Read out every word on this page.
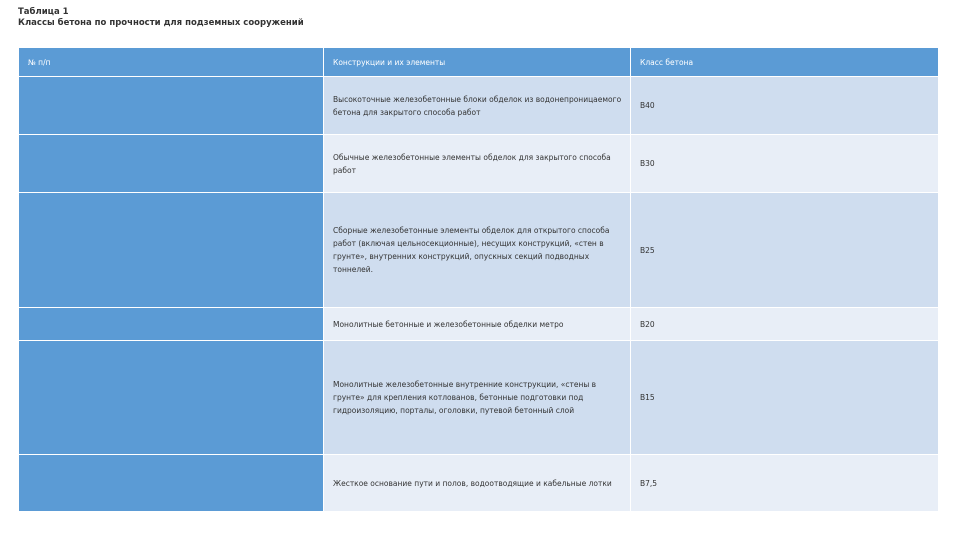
Таблица 1
Классы бетона по прочности для подземных сооружений
№ п/п	Конструкции и их элементы	Класс бетона
	Высокоточные железобетонные блоки обделок из водонепроницаемого бетона для закрытого способа работ	В40
	Обычные железобетонные элементы обделок для закрытого способа работ	В30
	Сборные железобетонные элементы обделок для открытого способа работ (включая цельносекционные), несущих конструкций, «стен в грунте», внутренних конструкций, опускных секций подводных тоннелей.	В25
	Монолитные бетонные и железобетонные обделки метро	В20
	Монолитные железобетонные внутренние конструкции, «стены в грунте» для крепления котлованов, бетонные подготовки под гидроизоляцию, порталы, оголовки, путевой бетонный слой	В15
	Жесткое основание пути и полов, водоотводящие и кабельные лотки	В7,5
